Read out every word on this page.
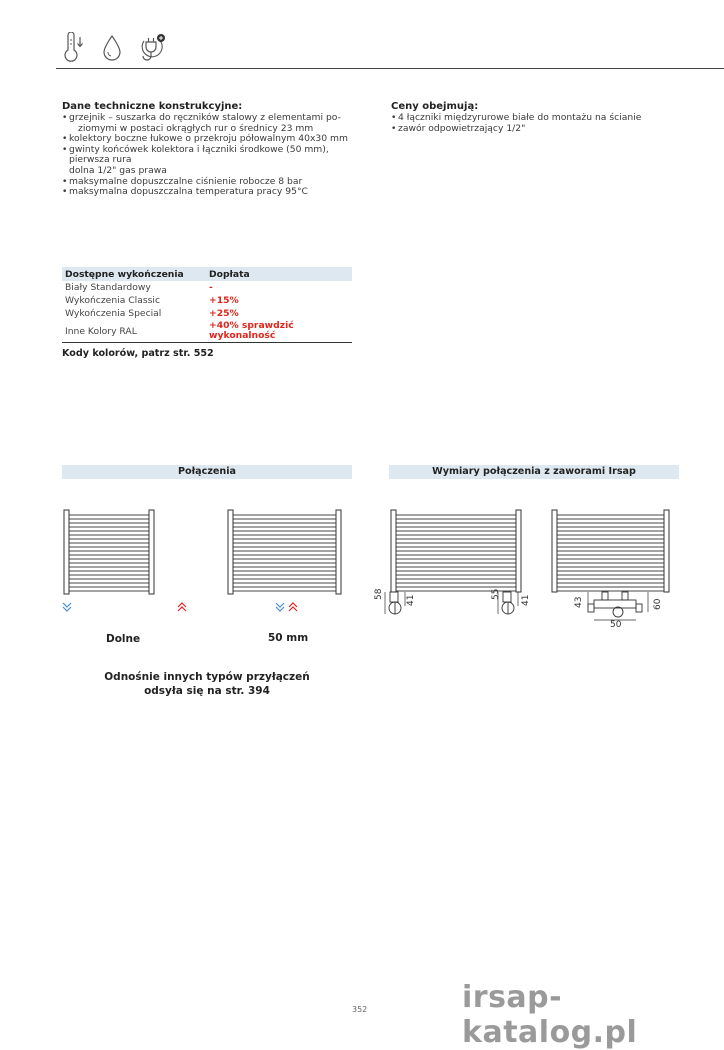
Dane techniczne konstrukcyjne:
• grzejnik – suszarka do ręczników stalowy z elementami po-
ziomymi w postaci okrągłych rur o średnicy 23 mm
• kolektory boczne łukowe o przekroju półowalnym 40x30 mm
• gwinty końcówek kolektora i łączniki środkowe (50 mm),
pierwsza rura
dolna 1/2" gas prawa
• maksymalne dopuszczalne ciśnienie robocze 8 bar
• maksymalna dopuszczalna temperatura pracy 95°C
Ceny obejmują:
• 4 łączniki międzyrurowe białe do montażu na ścianie
• zawór odpowietrzający 1/2"
Dostępne wykończenia	Dopłata
Biały Standardowy	-
Wykończenia Classic	+15%
Wykończenia Special	+25%
Inne Kolory RAL	+40% sprawdzić
wykonalność
Kody kolorów, patrz str. 552
Połączenia	Wymiary połączenia z zaworami Irsap
58
41
55
41	43	60
50
Dolne	50 mm
Odnośnie innych typów przyłączeń
odsyła się na str. 394
352	irsap-katalog.pl
